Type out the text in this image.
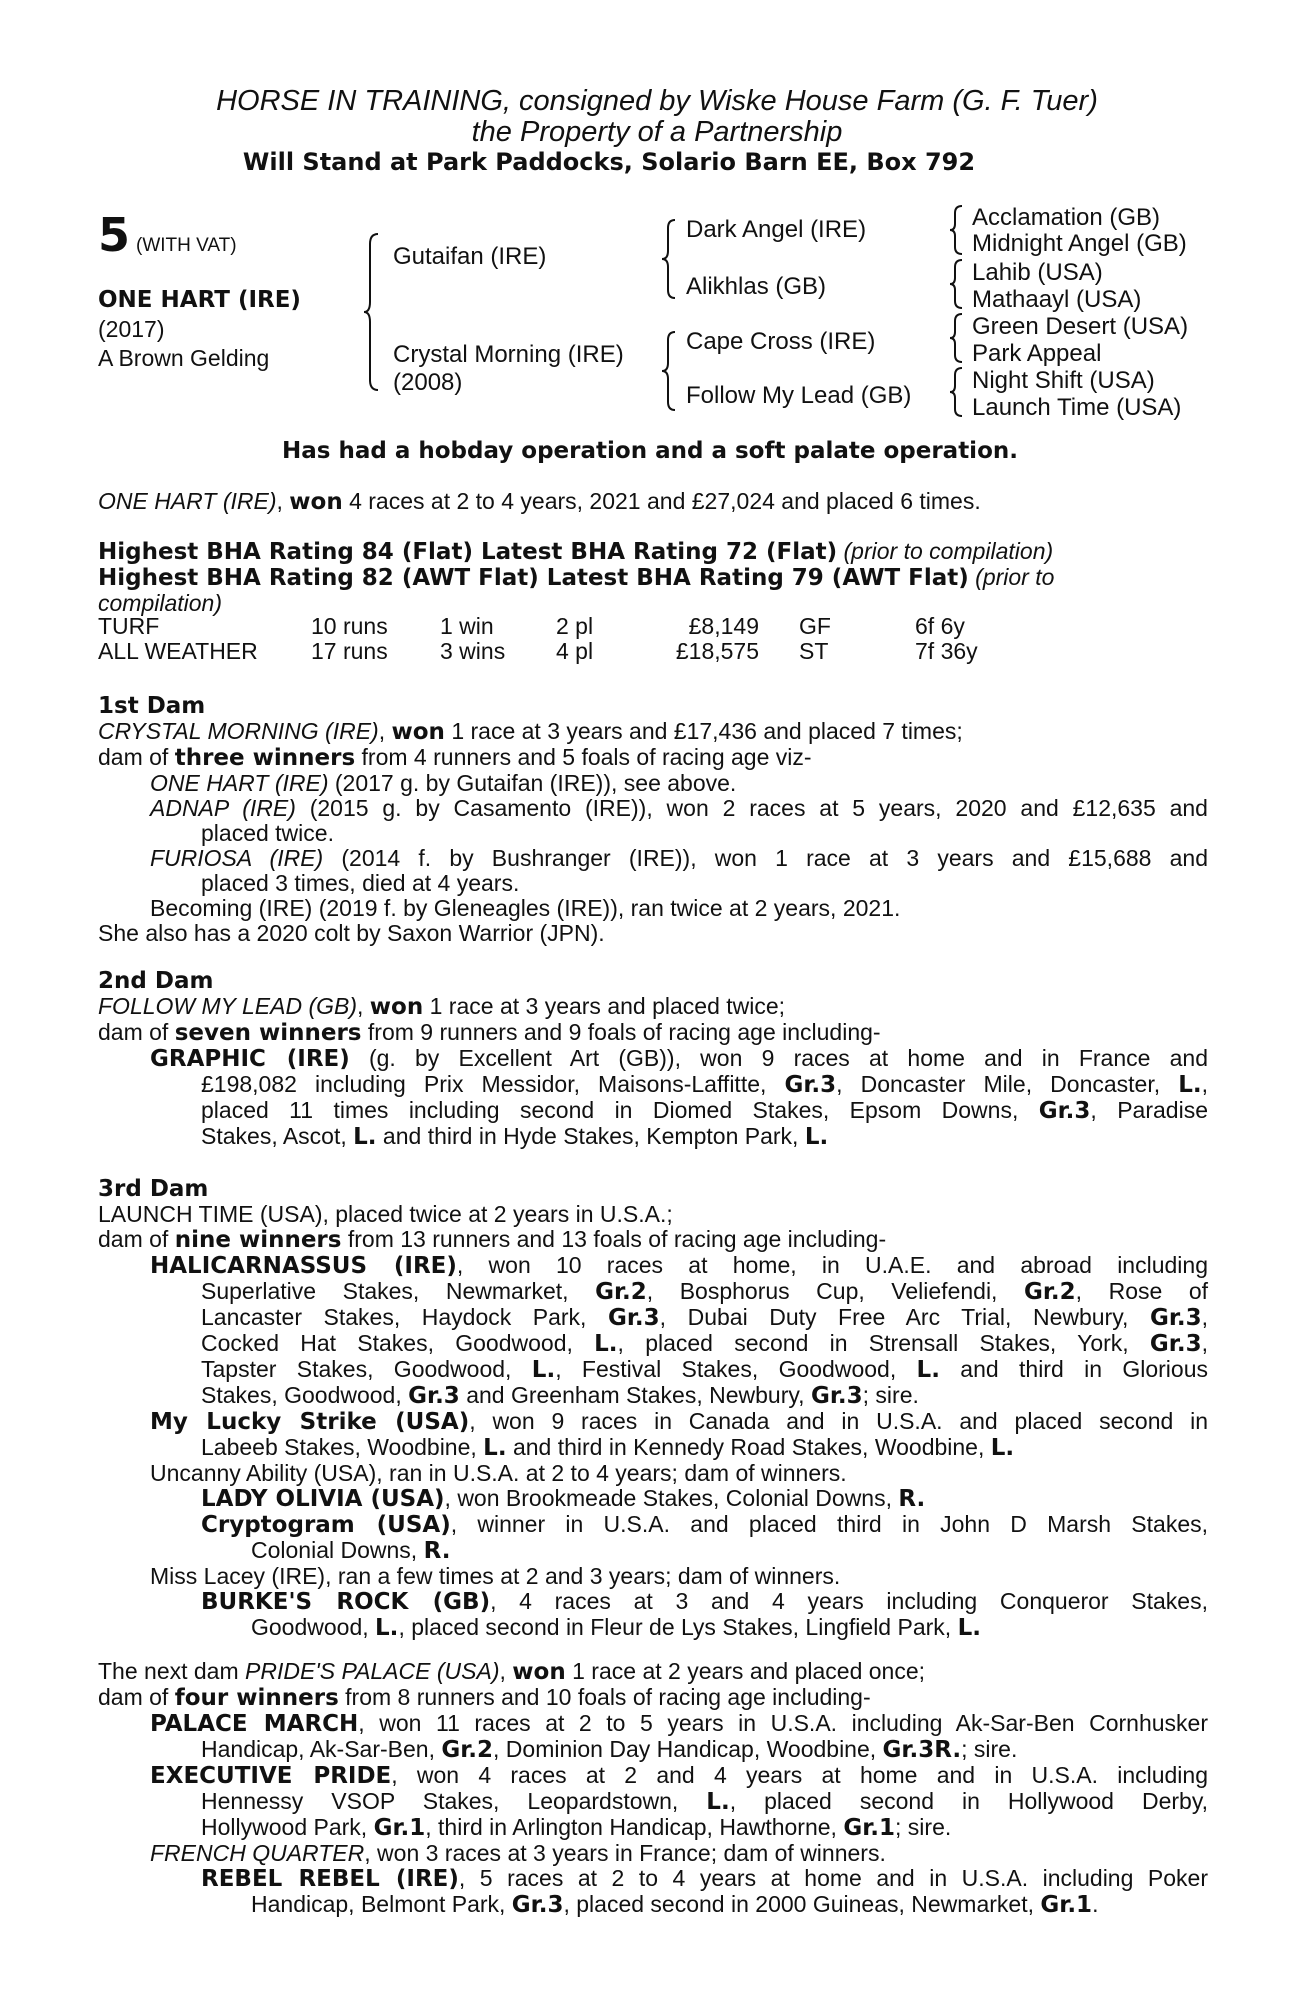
HORSE IN TRAINING, consigned by Wiske House Farm (G. F. Tuer)
the Property of a Partnership
Will Stand at Park Paddocks, Solario Barn EE, Box 792
5 (WITH VAT)
ONE HART (IRE)
(2017)
A Brown Gelding
Gutaifan (IRE)
Crystal Morning (IRE)
(2008)
Dark Angel (IRE)
Alikhlas (GB)
Cape Cross (IRE)
Follow My Lead (GB)
Acclamation (GB)
Midnight Angel (GB)
Lahib (USA)
Mathaayl (USA)
Green Desert (USA)
Park Appeal
Night Shift (USA)
Launch Time (USA)
Has had a hobday operation and a soft palate operation.
ONE HART (IRE), won 4 races at 2 to 4 years, 2021 and £27,024 and placed 6 times.
Highest BHA Rating 84 (Flat) Latest BHA Rating 72 (Flat) (prior to compilation)
Highest BHA Rating 82 (AWT Flat) Latest BHA Rating 79 (AWT Flat) (prior to
compilation)
TURF	10 runs 1 win	2 pl	£8,149 GF	6f 6y
ALL WEATHER 17 runs 3 wins 4 pl	£18,575 ST	7f 36y
1st Dam
CRYSTAL MORNING (IRE), won 1 race at 3 years and £17,436 and placed 7 times;
dam of three winners from 4 runners and 5 foals of racing age viz-
ONE HART (IRE) (2017 g. by Gutaifan (IRE)), see above.
ADNAP (IRE) (2015 g. by Casamento (IRE)), won 2 races at 5 years, 2020 and £12,635 and
placed twice.
FURIOSA (IRE) (2014 f. by Bushranger (IRE)), won 1 race at 3 years and £15,688 and
placed 3 times, died at 4 years.
Becoming (IRE) (2019 f. by Gleneagles (IRE)), ran twice at 2 years, 2021.
She also has a 2020 colt by Saxon Warrior (JPN).
2nd Dam
FOLLOW MY LEAD (GB), won 1 race at 3 years and placed twice;
dam of seven winners from 9 runners and 9 foals of racing age including-
GRAPHIC (IRE) (g. by Excellent Art (GB)), won 9 races at home and in France and
£198,082 including Prix Messidor, Maisons-Laffitte, Gr.3, Doncaster Mile, Doncaster, L.,
placed 11 times including second in Diomed Stakes, Epsom Downs, Gr.3, Paradise
Stakes, Ascot, L. and third in Hyde Stakes, Kempton Park, L.
3rd Dam
LAUNCH TIME (USA), placed twice at 2 years in U.S.A.;
dam of nine winners from 13 runners and 13 foals of racing age including-
HALICARNASSUS (IRE), won 10 races at home, in U.A.E. and abroad including
Superlative Stakes, Newmarket, Gr.2, Bosphorus Cup, Veliefendi, Gr.2, Rose of
Lancaster Stakes, Haydock Park, Gr.3, Dubai Duty Free Arc Trial, Newbury, Gr.3,
Cocked Hat Stakes, Goodwood, L., placed second in Strensall Stakes, York, Gr.3,
Tapster Stakes, Goodwood, L., Festival Stakes, Goodwood, L. and third in Glorious
Stakes, Goodwood, Gr.3 and Greenham Stakes, Newbury, Gr.3; sire.
My Lucky Strike (USA), won 9 races in Canada and in U.S.A. and placed second in
Labeeb Stakes, Woodbine, L. and third in Kennedy Road Stakes, Woodbine, L.
Uncanny Ability (USA), ran in U.S.A. at 2 to 4 years; dam of winners.
LADY OLIVIA (USA), won Brookmeade Stakes, Colonial Downs, R.
Cryptogram (USA), winner in U.S.A. and placed third in John D Marsh Stakes,
Colonial Downs, R.
Miss Lacey (IRE), ran a few times at 2 and 3 years; dam of winners.
BURKE'S ROCK (GB), 4 races at 3 and 4 years including Conqueror Stakes,
Goodwood, L., placed second in Fleur de Lys Stakes, Lingfield Park, L.
The next dam PRIDE'S PALACE (USA), won 1 race at 2 years and placed once;
dam of four winners from 8 runners and 10 foals of racing age including-
PALACE MARCH, won 11 races at 2 to 5 years in U.S.A. including Ak-Sar-Ben Cornhusker
Handicap, Ak-Sar-Ben, Gr.2, Dominion Day Handicap, Woodbine, Gr.3R.; sire.
EXECUTIVE PRIDE, won 4 races at 2 and 4 years at home and in U.S.A. including
Hennessy VSOP Stakes, Leopardstown, L., placed second in Hollywood Derby,
Hollywood Park, Gr.1, third in Arlington Handicap, Hawthorne, Gr.1; sire.
FRENCH QUARTER, won 3 races at 3 years in France; dam of winners.
REBEL REBEL (IRE), 5 races at 2 to 4 years at home and in U.S.A. including Poker
Handicap, Belmont Park, Gr.3, placed second in 2000 Guineas, Newmarket, Gr.1.
